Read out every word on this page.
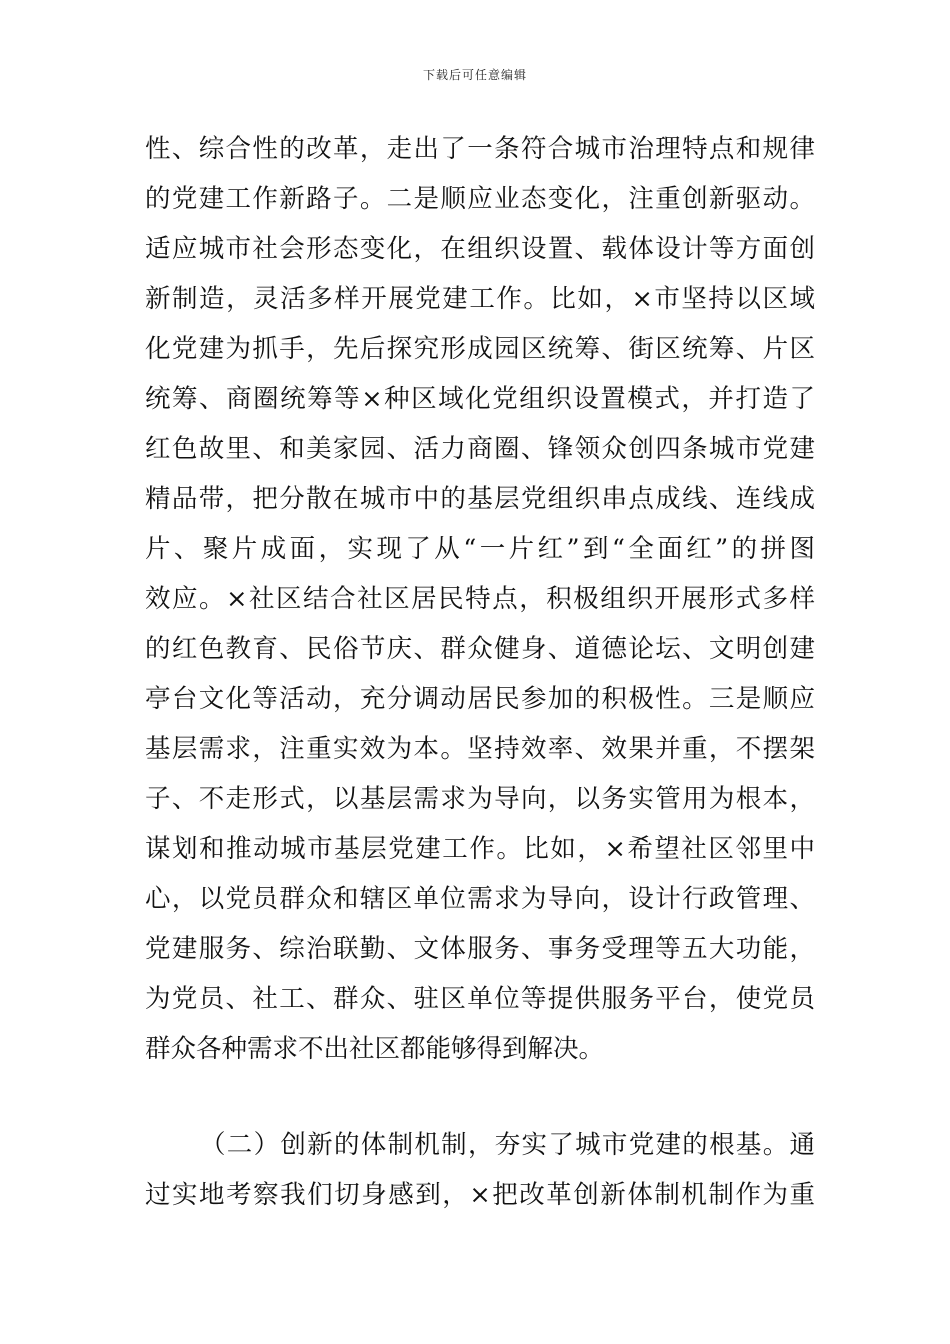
下载后可任意编辑
性、综合性的改革，走出了一条符合城市治理特点和规律
的党建工作新路子。二是顺应业态变化，注重创新驱动。
适应城市社会形态变化，在组织设置、载体设计等方面创
新制造，灵活多样开展党建工作。比如，×市坚持以区域
化党建为抓手，先后探究形成园区统筹、街区统筹、片区
统筹、商圈统筹等×种区域化党组织设置模式，并打造了
红色故里、和美家园、活力商圈、锋领众创四条城市党建
精品带，把分散在城市中的基层党组织串点成线、连线成
片、聚片成面，实现了从“一片红”到“全面红”的拼图
效应。×社区结合社区居民特点，积极组织开展形式多样
的红色教育、民俗节庆、群众健身、道德论坛、文明创建
亭台文化等活动，充分调动居民参加的积极性。三是顺应
基层需求，注重实效为本。坚持效率、效果并重，不摆架
子、不走形式，以基层需求为导向，以务实管用为根本，
谋划和推动城市基层党建工作。比如，×希望社区邻里中
心，以党员群众和辖区单位需求为导向，设计行政管理、
党建服务、综治联勤、文体服务、事务受理等五大功能，
为党员、社工、群众、驻区单位等提供服务平台，使党员
群众各种需求不出社区都能够得到解决。
（二）创新的体制机制，夯实了城市党建的根基。通
过实地考察我们切身感到，×把改革创新体制机制作为重
